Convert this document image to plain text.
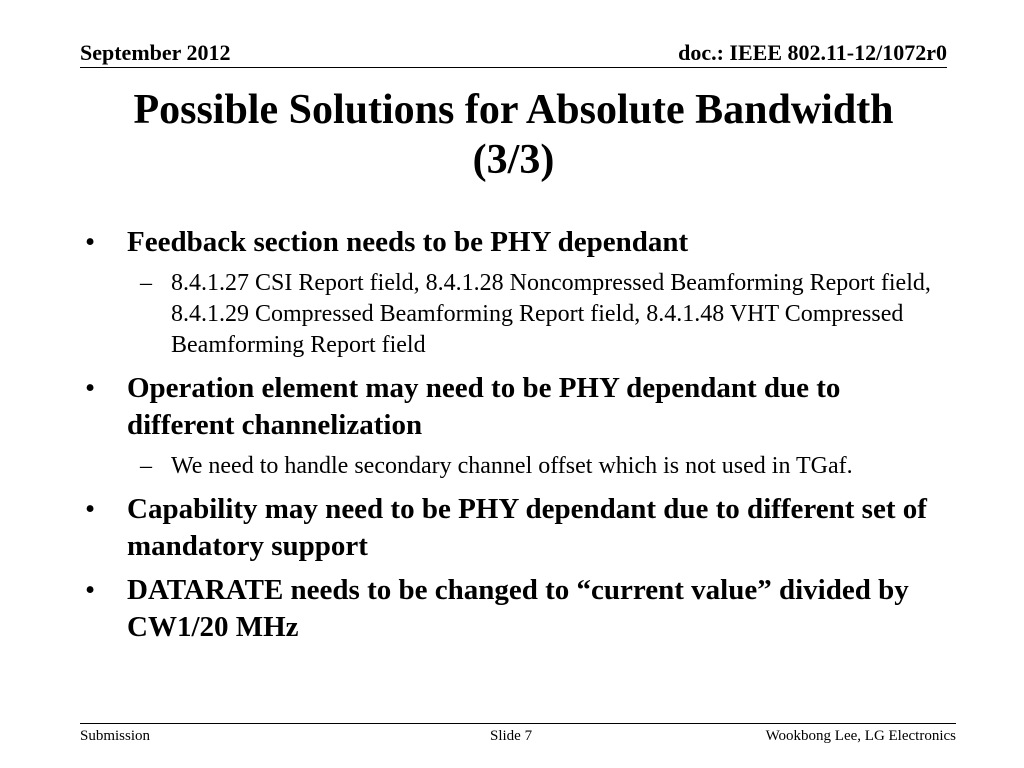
September 2012	doc.: IEEE 802.11-12/1072r0
Possible Solutions for Absolute Bandwidth
(3/3)
• Feedback section needs to be PHY dependant
– 8.4.1.27 CSI Report field, 8.4.1.28 Noncompressed Beamforming Report field, 8.4.1.29 Compressed Beamforming Report field, 8.4.1.48 VHT Compressed Beamforming Report field
• Operation element may need to be PHY dependant due to different channelization
– We need to handle secondary channel offset which is not used in TGaf.
• Capability may need to be PHY dependant due to different set of mandatory support
• DATARATE needs to be changed to “current value” divided by CW1/20 MHz
Submission	Slide 7	Wookbong Lee, LG Electronics
